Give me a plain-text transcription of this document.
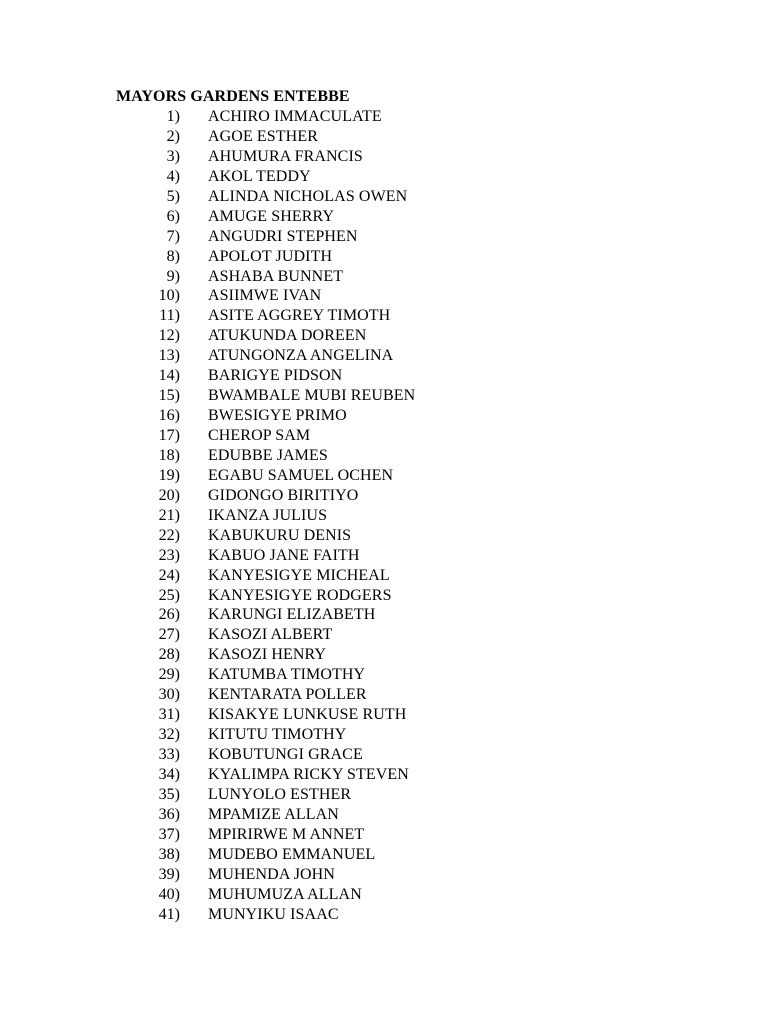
MAYORS GARDENS ENTEBBE
1) ACHIRO IMMACULATE
2) AGOE ESTHER
3) AHUMURA FRANCIS
4) AKOL TEDDY
5) ALINDA NICHOLAS OWEN
6) AMUGE SHERRY
7) ANGUDRI STEPHEN
8) APOLOT JUDITH
9) ASHABA BUNNET
10) ASIIMWE IVAN
11) ASITE AGGREY TIMOTH
12) ATUKUNDA DOREEN
13) ATUNGONZA ANGELINA
14) BARIGYE PIDSON
15) BWAMBALE MUBI REUBEN
16) BWESIGYE PRIMO
17) CHEROP SAM
18) EDUBBE JAMES
19) EGABU SAMUEL OCHEN
20) GIDONGO BIRITIYO
21) IKANZA JULIUS
22) KABUKURU DENIS
23) KABUO JANE FAITH
24) KANYESIGYE MICHEAL
25) KANYESIGYE RODGERS
26) KARUNGI ELIZABETH
27) KASOZI ALBERT
28) KASOZI HENRY
29) KATUMBA TIMOTHY
30) KENTARATA POLLER
31) KISAKYE LUNKUSE RUTH
32) KITUTU TIMOTHY
33) KOBUTUNGI GRACE
34) KYALIMPA RICKY STEVEN
35) LUNYOLO ESTHER
36) MPAMIZE ALLAN
37) MPIRIRWE M ANNET
38) MUDEBO EMMANUEL
39) MUHENDA JOHN
40) MUHUMUZA ALLAN
41) MUNYIKU ISAAC
